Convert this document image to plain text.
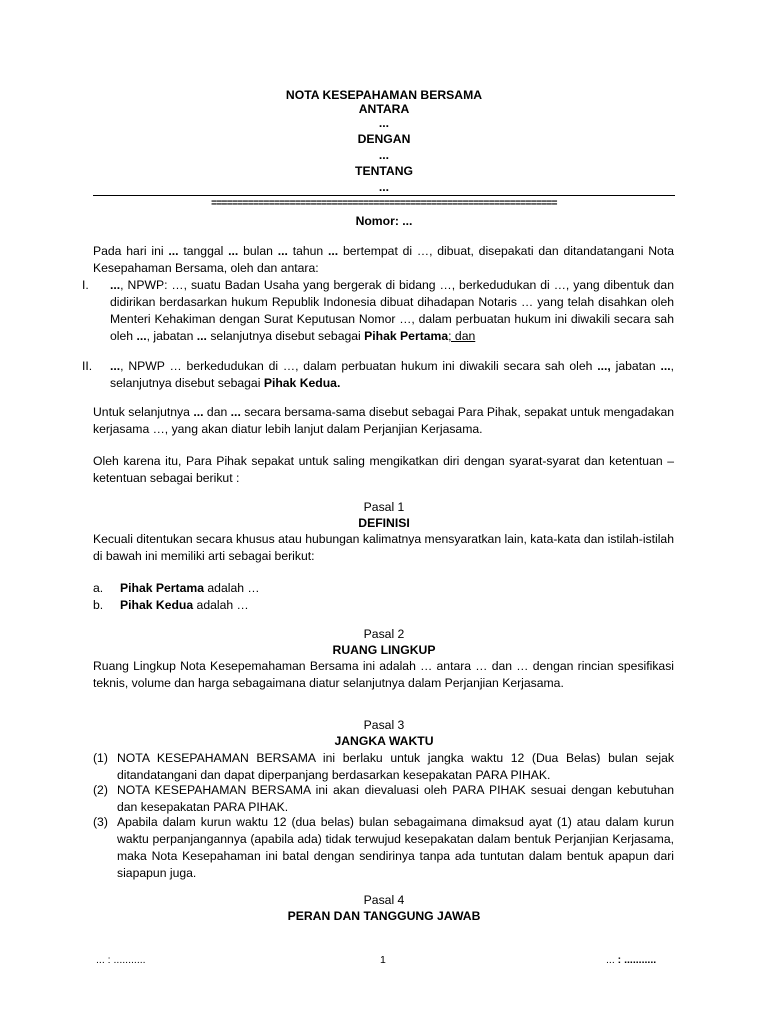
NOTA KESEPAHAMAN BERSAMA
ANTARA
...
DENGAN
...
TENTANG
...
==================================================================
Nomor: ...
Pada hari ini ... tanggal ... bulan ... tahun ... bertempat di …, dibuat, disepakati dan ditandatangani Nota Kesepahaman Bersama, oleh dan antara:
I. ..., NPWP: …, suatu Badan Usaha yang bergerak di bidang …, berkedudukan di …, yang dibentuk dan didirikan berdasarkan hukum Republik Indonesia dibuat dihadapan Notaris … yang telah disahkan oleh Menteri Kehakiman dengan Surat Keputusan Nomor …, dalam perbuatan hukum ini diwakili secara sah oleh ..., jabatan ... selanjutnya disebut sebagai Pihak Pertama; dan
II. ..., NPWP … berkedudukan di …, dalam perbuatan hukum ini diwakili secara sah oleh ..., jabatan ..., selanjutnya disebut sebagai Pihak Kedua.
Untuk selanjutnya ... dan ... secara bersama-sama disebut sebagai Para Pihak, sepakat untuk mengadakan kerjasama …, yang akan diatur lebih lanjut dalam Perjanjian Kerjasama.
Oleh karena itu, Para Pihak sepakat untuk saling mengikatkan diri dengan syarat-syarat dan ketentuan – ketentuan sebagai berikut :
Pasal 1
DEFINISI
Kecuali ditentukan secara khusus atau hubungan kalimatnya mensyaratkan lain, kata-kata dan istilah-istilah di bawah ini memiliki arti sebagai berikut:
a. Pihak Pertama adalah …
b. Pihak Kedua adalah …
Pasal 2
RUANG LINGKUP
Ruang Lingkup Nota Kesepemahaman Bersama ini adalah … antara … dan … dengan rincian spesifikasi teknis, volume dan harga sebagaimana diatur selanjutnya dalam Perjanjian Kerjasama.
Pasal 3
JANGKA WAKTU
(1) NOTA KESEPAHAMAN BERSAMA ini berlaku untuk jangka waktu 12 (Dua Belas) bulan sejak ditandatangani dan dapat diperpanjang berdasarkan kesepakatan PARA PIHAK.
(2) NOTA KESEPAHAMAN BERSAMA ini akan dievaluasi oleh PARA PIHAK sesuai dengan kebutuhan dan kesepakatan PARA PIHAK.
(3) Apabila dalam kurun waktu 12 (dua belas) bulan sebagaimana dimaksud ayat (1) atau dalam kurun waktu perpanjangannya (apabila ada) tidak terwujud kesepakatan dalam bentuk Perjanjian Kerjasama, maka Nota Kesepahaman ini batal dengan sendirinya tanpa ada tuntutan dalam bentuk apapun dari siapapun juga.
Pasal 4
PERAN DAN TANGGUNG JAWAB
... : ...........	1	... : ...........
